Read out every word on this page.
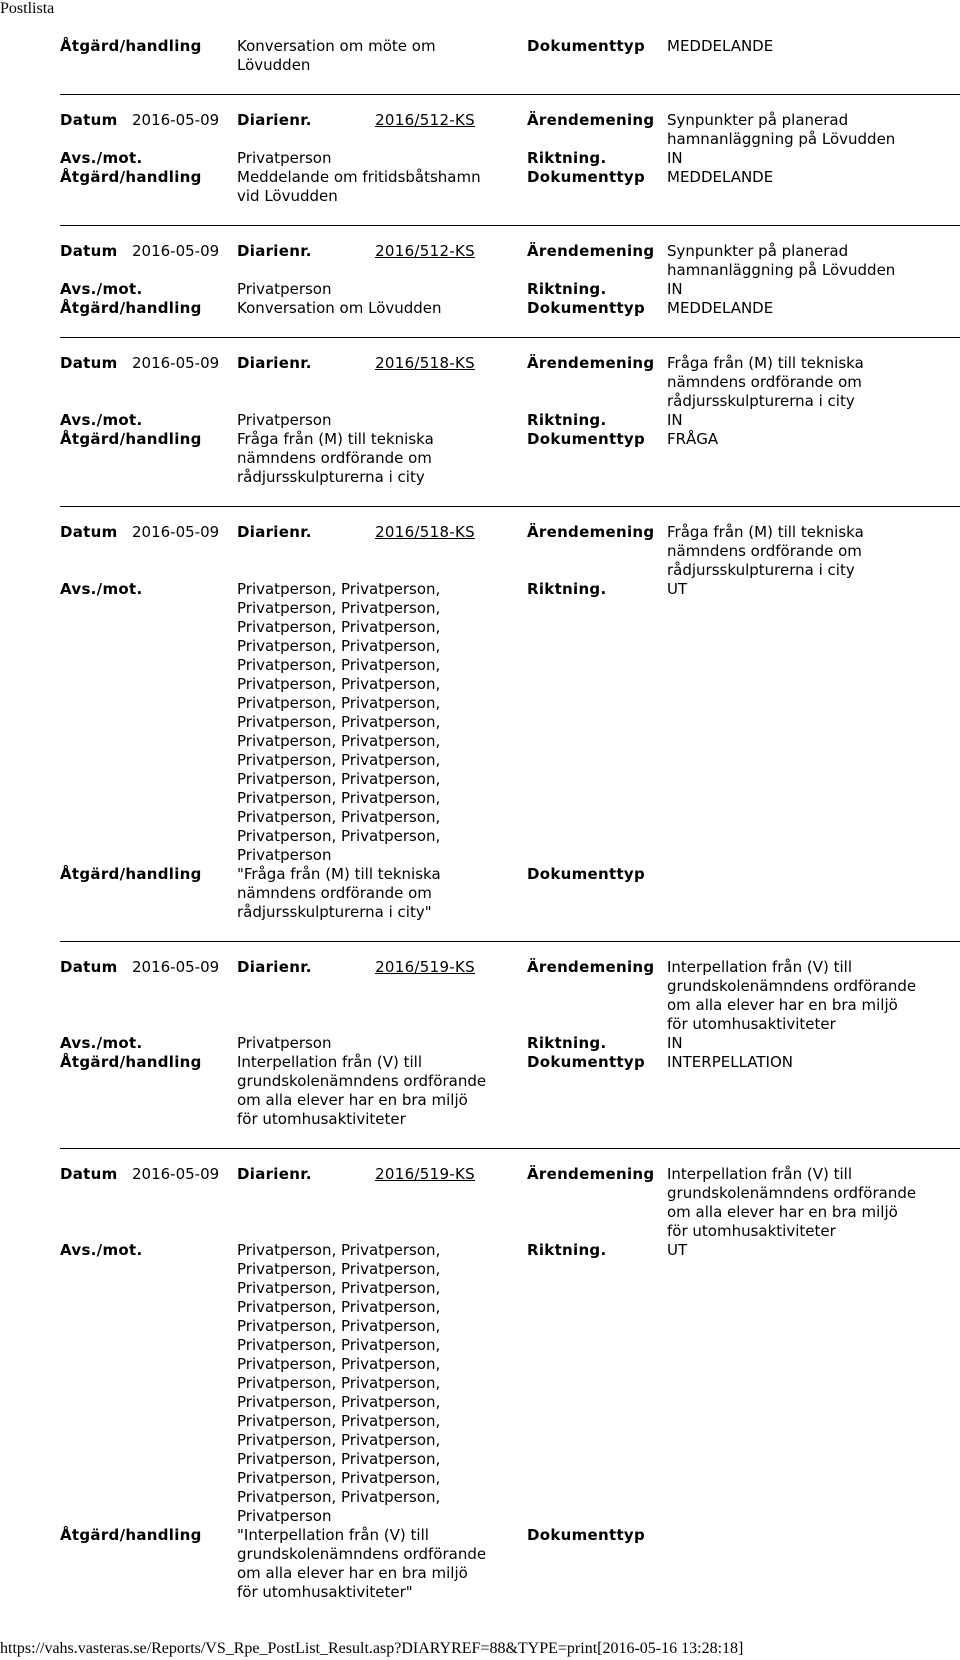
Postlista
Åtgärd/handling	Konversation om möte om
Lövudden
Dokumenttyp	MEDDELANDE
Datum 2016-05-09	Diarienr.	2016/512-KS	Ärendemening Synpunkter på planerad
hamnanläggning på Lövudden
Avs./mot.	Privatperson	Riktning.	IN
Åtgärd/handling	Meddelande om fritidsbåtshamn
vid Lövudden
Dokumenttyp	MEDDELANDE
Datum 2016-05-09	Diarienr.	2016/512-KS	Ärendemening Synpunkter på planerad
hamnanläggning på Lövudden
Avs./mot.	Privatperson	Riktning.	IN
Åtgärd/handling	Konversation om Lövudden	Dokumenttyp	MEDDELANDE
Datum 2016-05-09	Diarienr.	2016/518-KS	Ärendemening Fråga från (M) till tekniska
nämndens ordförande om
rådjursskulpturerna i city
Avs./mot.	Privatperson	Riktning.	IN
Åtgärd/handling	Fråga från (M) till tekniska
nämndens ordförande om
rådjursskulpturerna i city
Dokumenttyp	FRÅGA
Datum 2016-05-09	Diarienr.	2016/518-KS	Ärendemening Fråga från (M) till tekniska
nämndens ordförande om
rådjursskulpturerna i city
Avs./mot.	Privatperson, Privatperson,
Privatperson, Privatperson,
Privatperson, Privatperson,
Privatperson, Privatperson,
Privatperson, Privatperson,
Privatperson, Privatperson,
Privatperson, Privatperson,
Privatperson, Privatperson,
Privatperson, Privatperson,
Privatperson, Privatperson,
Privatperson, Privatperson,
Privatperson, Privatperson,
Privatperson, Privatperson,
Privatperson, Privatperson,
Privatperson
Riktning.	UT
Åtgärd/handling	"Fråga från (M) till tekniska
nämndens ordförande om
rådjursskulpturerna i city"
Dokumenttyp
Datum 2016-05-09	Diarienr.	2016/519-KS	Ärendemening Interpellation från (V) till
grundskolenämndens ordförande
om alla elever har en bra miljö
för utomhusaktiviteter
Avs./mot.	Privatperson	Riktning.	IN
Åtgärd/handling	Interpellation från (V) till
grundskolenämndens ordförande
om alla elever har en bra miljö
för utomhusaktiviteter
Dokumenttyp	INTERPELLATION
Datum 2016-05-09	Diarienr.	2016/519-KS	Ärendemening Interpellation från (V) till
grundskolenämndens ordförande
om alla elever har en bra miljö
för utomhusaktiviteter
Avs./mot.	Privatperson, Privatperson,
Privatperson, Privatperson,
Privatperson, Privatperson,
Privatperson, Privatperson,
Privatperson, Privatperson,
Privatperson, Privatperson,
Privatperson, Privatperson,
Privatperson, Privatperson,
Privatperson, Privatperson,
Privatperson, Privatperson,
Privatperson, Privatperson,
Privatperson, Privatperson,
Privatperson, Privatperson,
Privatperson, Privatperson,
Privatperson
Riktning.	UT
Åtgärd/handling	"Interpellation från (V) till
grundskolenämndens ordförande
om alla elever har en bra miljö
för utomhusaktiviteter"
Dokumenttyp
https://vahs.vasteras.se/Reports/VS_Rpe_PostList_Result.asp?DIARYREF=88&TYPE=print[2016-05-16 13:28:18]
